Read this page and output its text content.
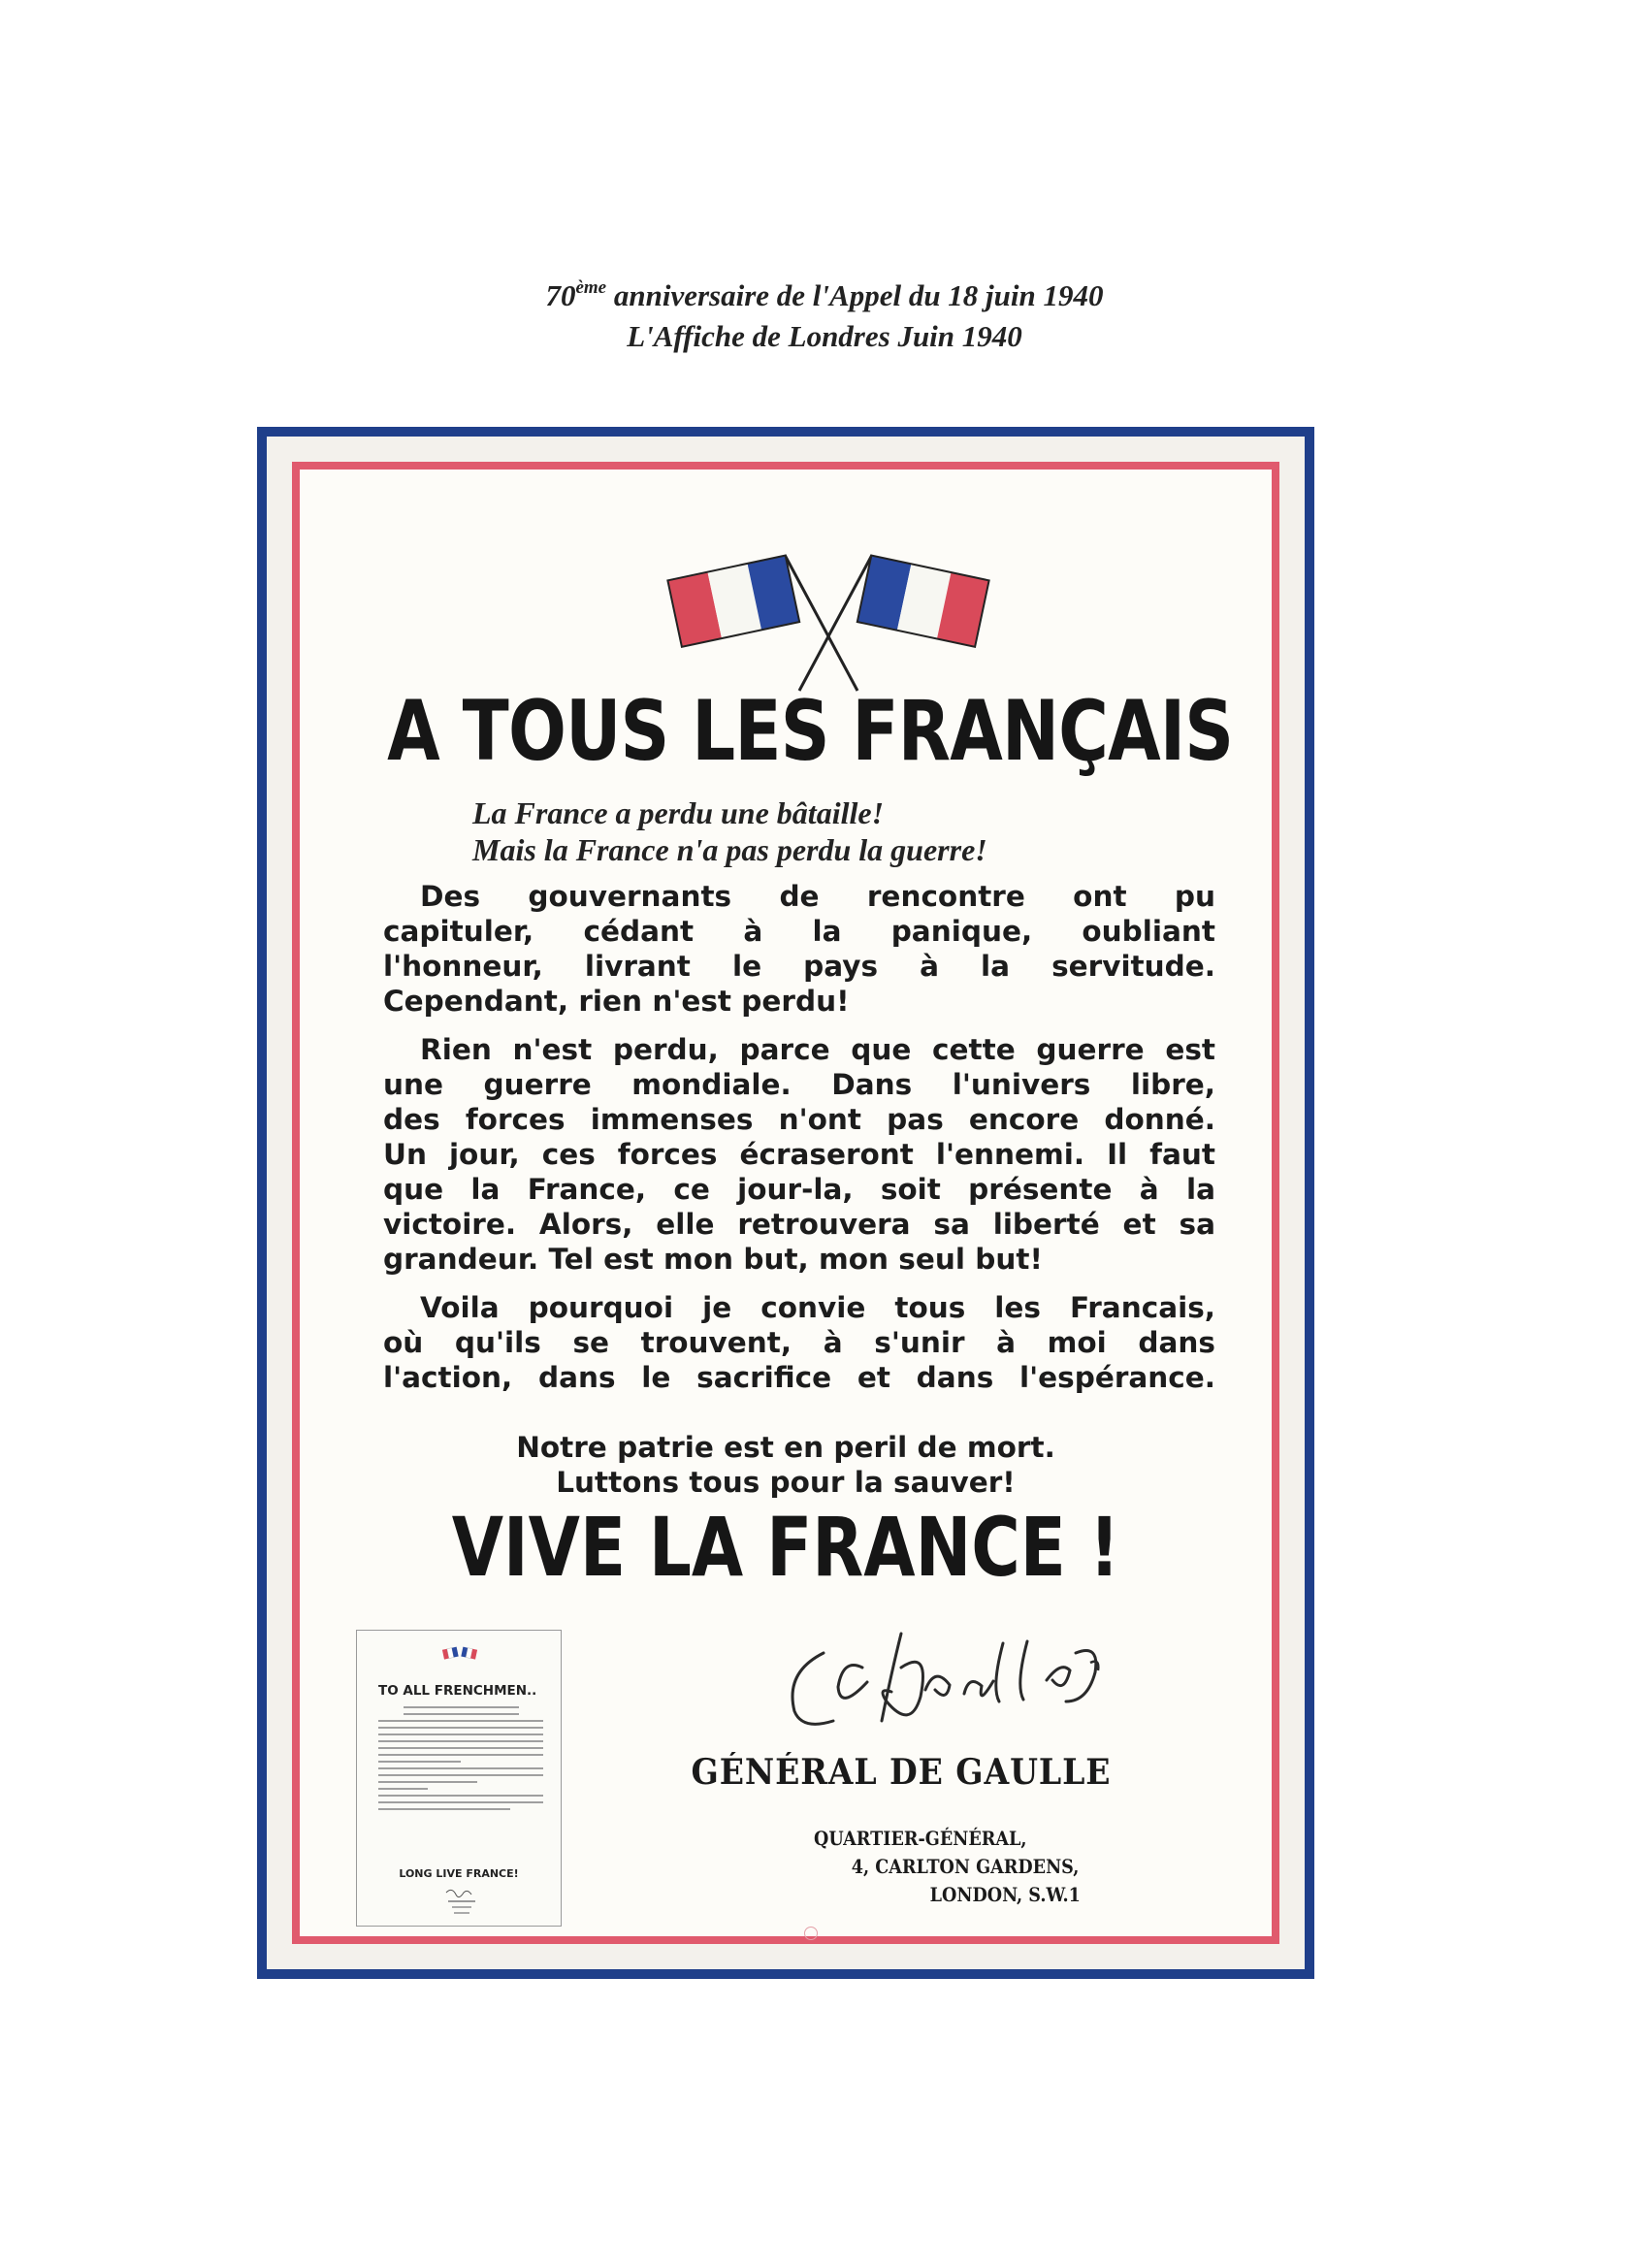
70ème anniversaire de l'Appel du 18 juin 1940
L'Affiche de Londres Juin 1940
A TOUS LES FRANÇAIS
La France a perdu une bâtaille!
Mais la France n'a pas perdu la guerre!
Des gouvernants de rencontre ont pu
capituler, cédant à la panique, oubliant
l'honneur, livrant le pays à la servitude.
Cependant, rien n'est perdu!
Rien n'est perdu, parce que cette guerre est
une guerre mondiale. Dans l'univers libre,
des forces immenses n'ont pas encore donné.
Un jour, ces forces écraseront l'ennemi. Il faut
que la France, ce jour-la, soit présente à la
victoire. Alors, elle retrouvera sa liberté et sa
grandeur. Tel est mon but, mon seul but!
Voila pourquoi je convie tous les Francais,
où qu'ils se trouvent, à s'unir à moi dans
l'action, dans le sacrifice et dans l'espérance.
Notre patrie est en peril de mort.
Luttons tous pour la sauver!
VIVE LA FRANCE !
TO ALL FRENCHMEN..
LONG LIVE FRANCE!
GÉNÉRAL DE GAULLE
QUARTIER-GÉNÉRAL,
4, CARLTON GARDENS,
LONDON, S.W.1
